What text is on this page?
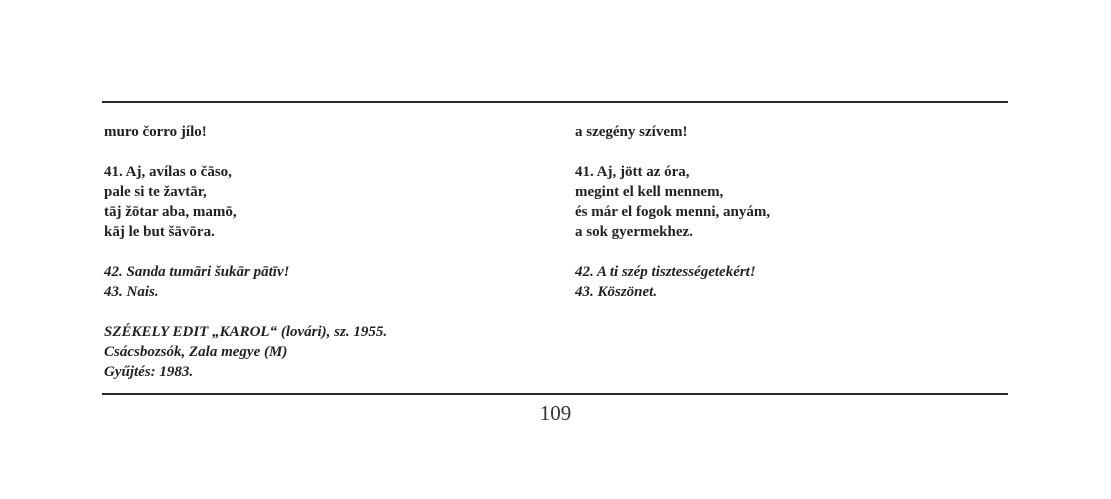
muro čorro jílo!
41. Aj, avílas o čāso,
pale si te žavtār,
tāj žōtar aba, mamō,
kāj le but šāvōra.
42. Sanda tumāri šukār pātīv!
43. Nais.
SZÉKELY EDIT „KAROL“ (lovári), sz. 1955.
Csácsbozsók, Zala megye (M)
Gyűjtés: 1983.
a szegény szívem!
41. Aj, jött az óra,
megint el kell mennem,
és már el fogok menni, anyám,
a sok gyermekhez.
42. A ti szép tisztességetekért!
43. Köszönet.
109
